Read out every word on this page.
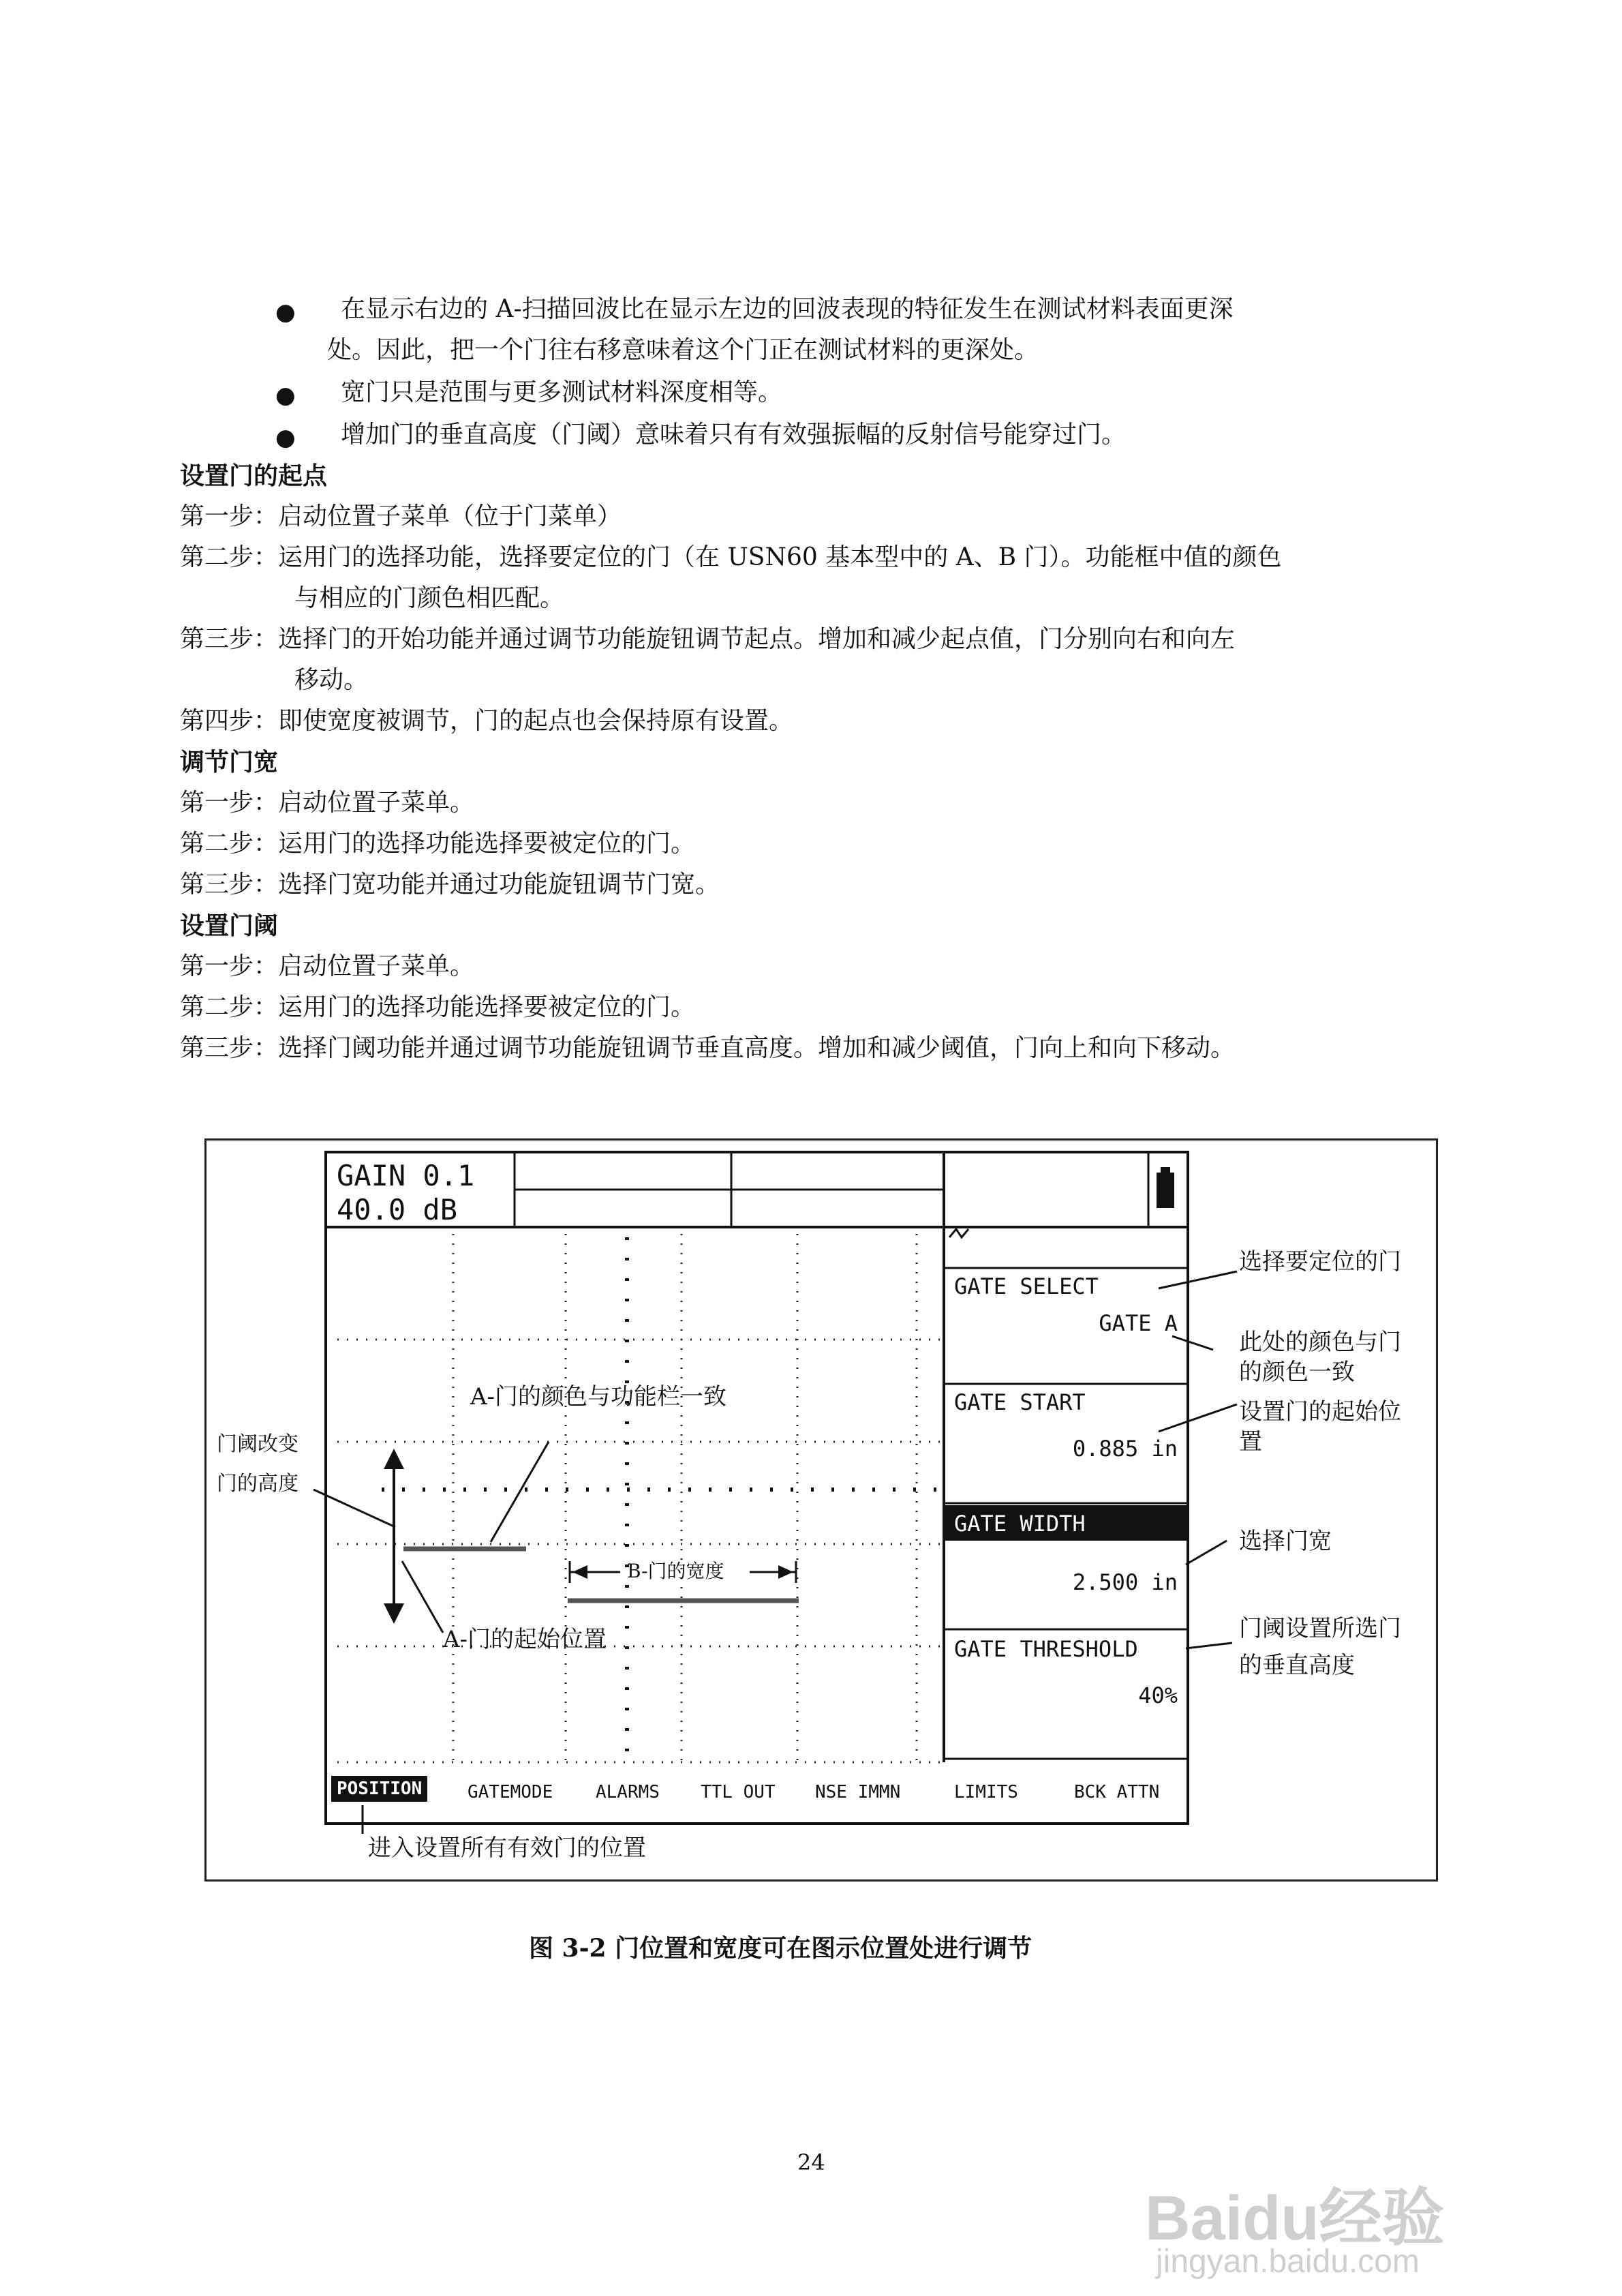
● 在显示右边的 A-扫描回波比在显示左边的回波表现的特征发生在测试材料表面更深
处。因此，把一个门往右移意味着这个门正在测试材料的更深处。
● 宽门只是范围与更多测试材料深度相等。
● 增加门的垂直高度（门阈）意味着只有有效强振幅的反射信号能穿过门。
设置门的起点
第一步：启动位置子菜单（位于门菜单）
第二步：运用门的选择功能，选择要定位的门（在 USN60 基本型中的 A、B 门）。功能框中值的颜色
与相应的门颜色相匹配。
第三步：选择门的开始功能并通过调节功能旋钮调节起点。增加和减少起点值，门分别向右和向左
移动。
第四步：即使宽度被调节，门的起点也会保持原有设置。
调节门宽
第一步：启动位置子菜单。
第二步：运用门的选择功能选择要被定位的门。
第三步：选择门宽功能并通过功能旋钮调节门宽。
设置门阈
第一步：启动位置子菜单。
第二步：运用门的选择功能选择要被定位的门。
第三步：选择门阈功能并通过调节功能旋钮调节垂直高度。增加和减少阈值，门向上和向下移动。
GAIN 0.1
40.0 dB
GATE SELECT
GATE A
GATE START
0.885 in
GATE WIDTH
2.500 in
GATE THRESHOLD
40%
POSITION	GATEMODE ALARMS TTL OUT NSE IMMN	LIMITS	BCK ATTN
A-门的颜色与功能栏一致
门阈改变
门的高度
B-门的宽度
A-门的起始位置
选择要定位的门
此处的颜色与门
的颜色一致
设置门的起始位
置
选择门宽
门阈设置所选门
的垂直高度
进入设置所有有效门的位置
图 3-2 门位置和宽度可在图示位置处进行调节
24
Baidu经验
jingyan.baidu.com
